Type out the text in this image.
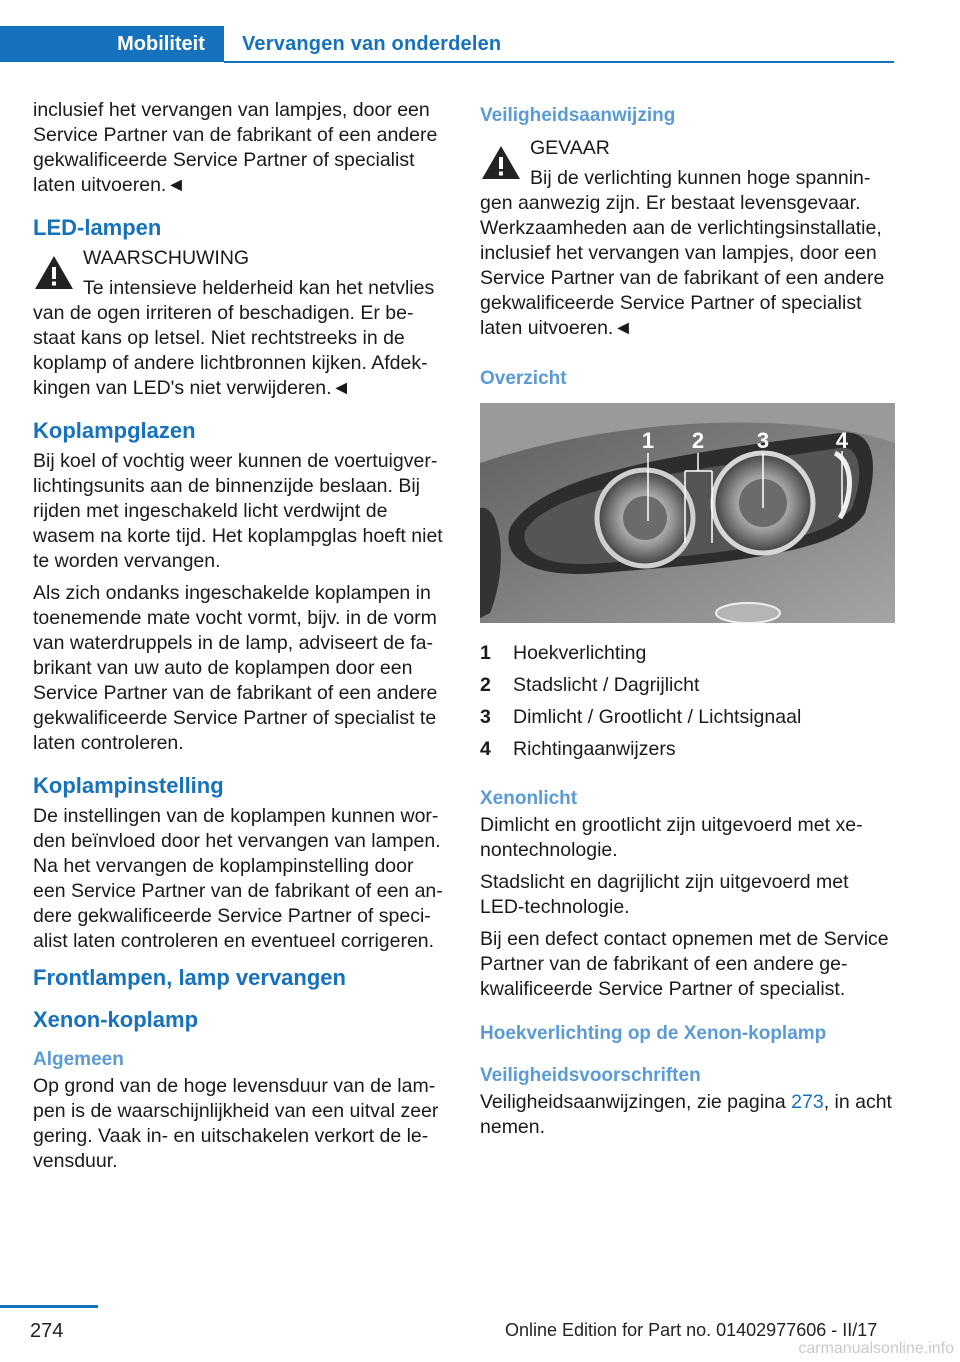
Mobiliteit	Vervangen van onderdelen

inclusief het vervangen van lampjes, door een Service Partner van de fabrikant of een andere gekwalificeerde Service Partner of specialist laten uitvoeren.◄

LED-lampen
WAARSCHUWING

Te intensieve helderheid kan het netvlies van de ogen irriteren of beschadigen. Er bestaat kans op letsel. Niet rechtstreeks in de koplamp of andere lichtbronnen kijken. Afdekkingen van LED's niet verwijderen.◄

Koplampglazen

Bij koel of vochtig weer kunnen de voertuigverlichtingsunits aan de binnenzijde beslaan. Bij rijden met ingeschakeld licht verdwijnt de wasem na korte tijd. Het koplampglas hoeft niet te worden vervangen.

Als zich ondanks ingeschakelde koplampen in toenemende mate vocht vormt, bijv. in de vorm van waterdruppels in de lamp, adviseert de fabrikant van uw auto de koplampen door een Service Partner van de fabrikant of een andere gekwalificeerde Service Partner of specialist te laten controleren.

Koplampinstelling

De instellingen van de koplampen kunnen worden beïnvloed door het vervangen van lampen. Na het vervangen de koplampinstelling door een Service Partner van de fabrikant of een andere gekwalificeerde Service Partner of specialist laten controleren en eventueel corrigeren.

Frontlampen, lamp vervangen
Xenon-koplamp
Algemeen

Op grond van de hoge levensduur van de lampen is de waarschijnlijkheid van een uitval zeer gering. Vaak in- en uitschakelen verkort de levensduur.

Veiligheidsaanwijzing
GEVAAR

Bij de verlichting kunnen hoge spanningen aanwezig zijn. Er bestaat levensgevaar. Werkzaamheden aan de verlichtingsinstallatie, inclusief het vervangen van lampjes, door een Service Partner van de fabrikant of een andere gekwalificeerde Service Partner of specialist laten uitvoeren.◄

Overzicht
1 2 3	4
1	Hoekverlichting
2	Stadslicht / Dagrijlicht
3	Dimlicht / Grootlicht / Lichtsignaal
4	Richtingaanwijzers
Xenonlicht

Dimlicht en grootlicht zijn uitgevoerd met xenontechnologie.

Stadslicht en dagrijlicht zijn uitgevoerd met LED-technologie.

Bij een defect contact opnemen met de Service Partner van de fabrikant of een andere gekwalificeerde Service Partner of specialist.

Hoekverlichting op de Xenon-koplamp
Veiligheidsvoorschriften

Veiligheidsaanwijzingen, zie pagina 273, in acht nemen.

274	Online Edition for Part no. 01402977606 - II/17
carmanualsonline.info
